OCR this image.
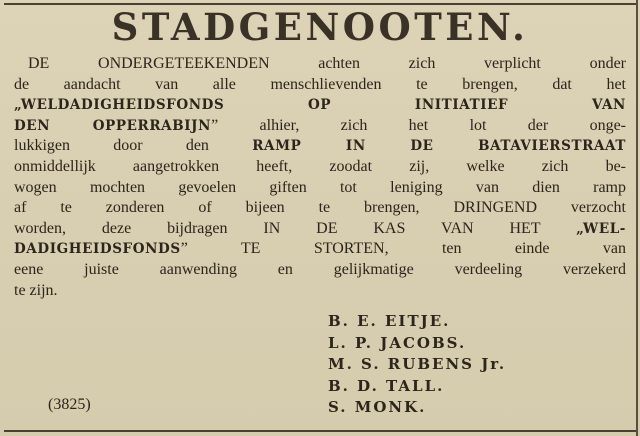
STADGENOOTEN.
DE ONDERGETEEKENDEN achten zich verplicht onder
de aandacht van alle menschlievenden te brengen, dat het
„WELDADIGHEIDSFONDS OP INITIATIEF VAN
DEN OPPERRABIJN” alhier, zich het lot der onge-
lukkigen door den RAMP IN DE BATAVIERSTRAAT
onmiddellijk aangetrokken heeft, zoodat zij, welke zich be-
wogen mochten gevoelen giften tot leniging van dien ramp
af te zonderen of bijeen te brengen, DRINGEND verzocht
worden, deze bijdragen IN DE KAS VAN HET „WEL-
DADIGHEIDSFONDS” TE STORTEN, ten einde van
eene juiste aanwending en gelijkmatige verdeeling verzekerd
te zijn.
B. E. EITJE.
L. P. JACOBS.
M. S. RUBENS Jr.
B. D. TALL.
S. MONK.
(3825)
